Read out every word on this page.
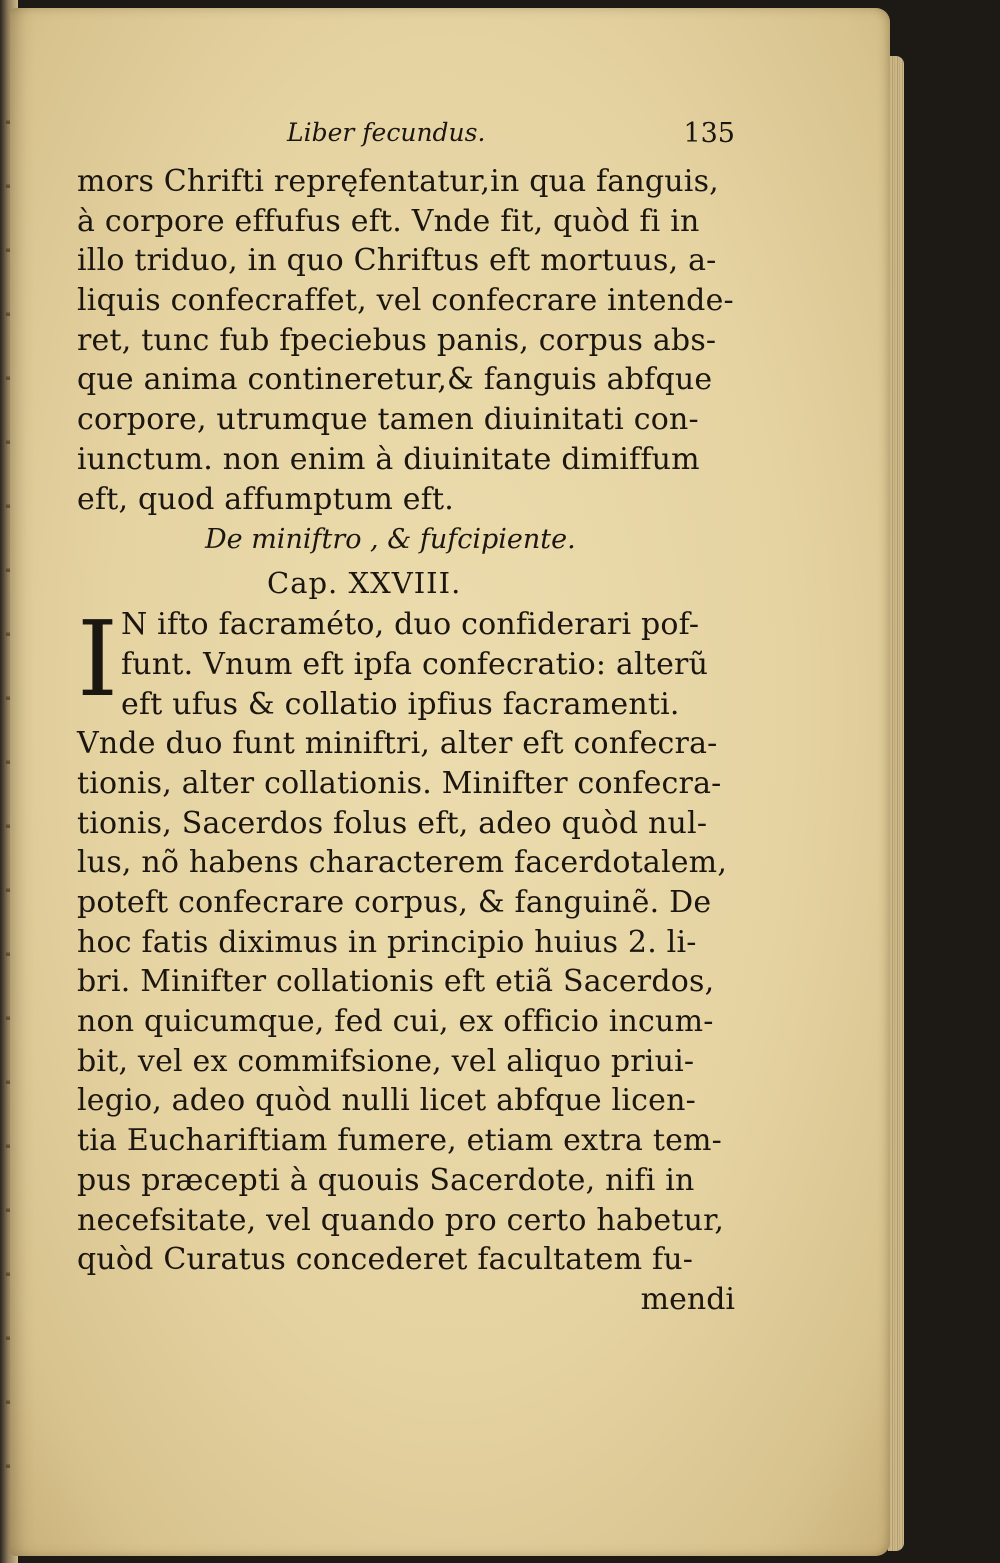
Liber fecundus.	135
mors Chrifti repręfentatur,in qua fanguis,
à corpore effufus eft. Vnde fit, quòd fi in
illo triduo, in quo Chriftus eft mortuus, a-
liquis confecraffet, vel confecrare intende-
ret, tunc fub fpeciebus panis, corpus abs-
que anima contineretur,& fanguis abfque
corpore, utrumque tamen diuinitati con-
iunctum. non enim à diuinitate dimiffum
eft, quod affumptum eft.
De miniftro , & fufcipiente.
Cap. XXVIII.
I N ifto facraméto, duo confiderari pof-
funt. Vnum eft ipfa confecratio: alterũ
eft ufus & collatio ipfius facramenti.
Vnde duo funt miniftri, alter eft confecra-
tionis, alter collationis. Minifter confecra-
tionis, Sacerdos folus eft, adeo quòd nul-
lus, nõ habens characterem facerdotalem,
poteft confecrare corpus, & fanguinẽ. De
hoc fatis diximus in principio huius 2. li-
bri. Minifter collationis eft etiã Sacerdos,
non quicumque, fed cui, ex officio incum-
bit, vel ex commifsione, vel aliquo priui-
legio, adeo quòd nulli licet abfque licen-
tia Euchariftiam fumere, etiam extra tem-
pus præcepti à quouis Sacerdote, nifi in
necefsitate, vel quando pro certo habetur,
quòd Curatus concederet facultatem fu-
mendi
